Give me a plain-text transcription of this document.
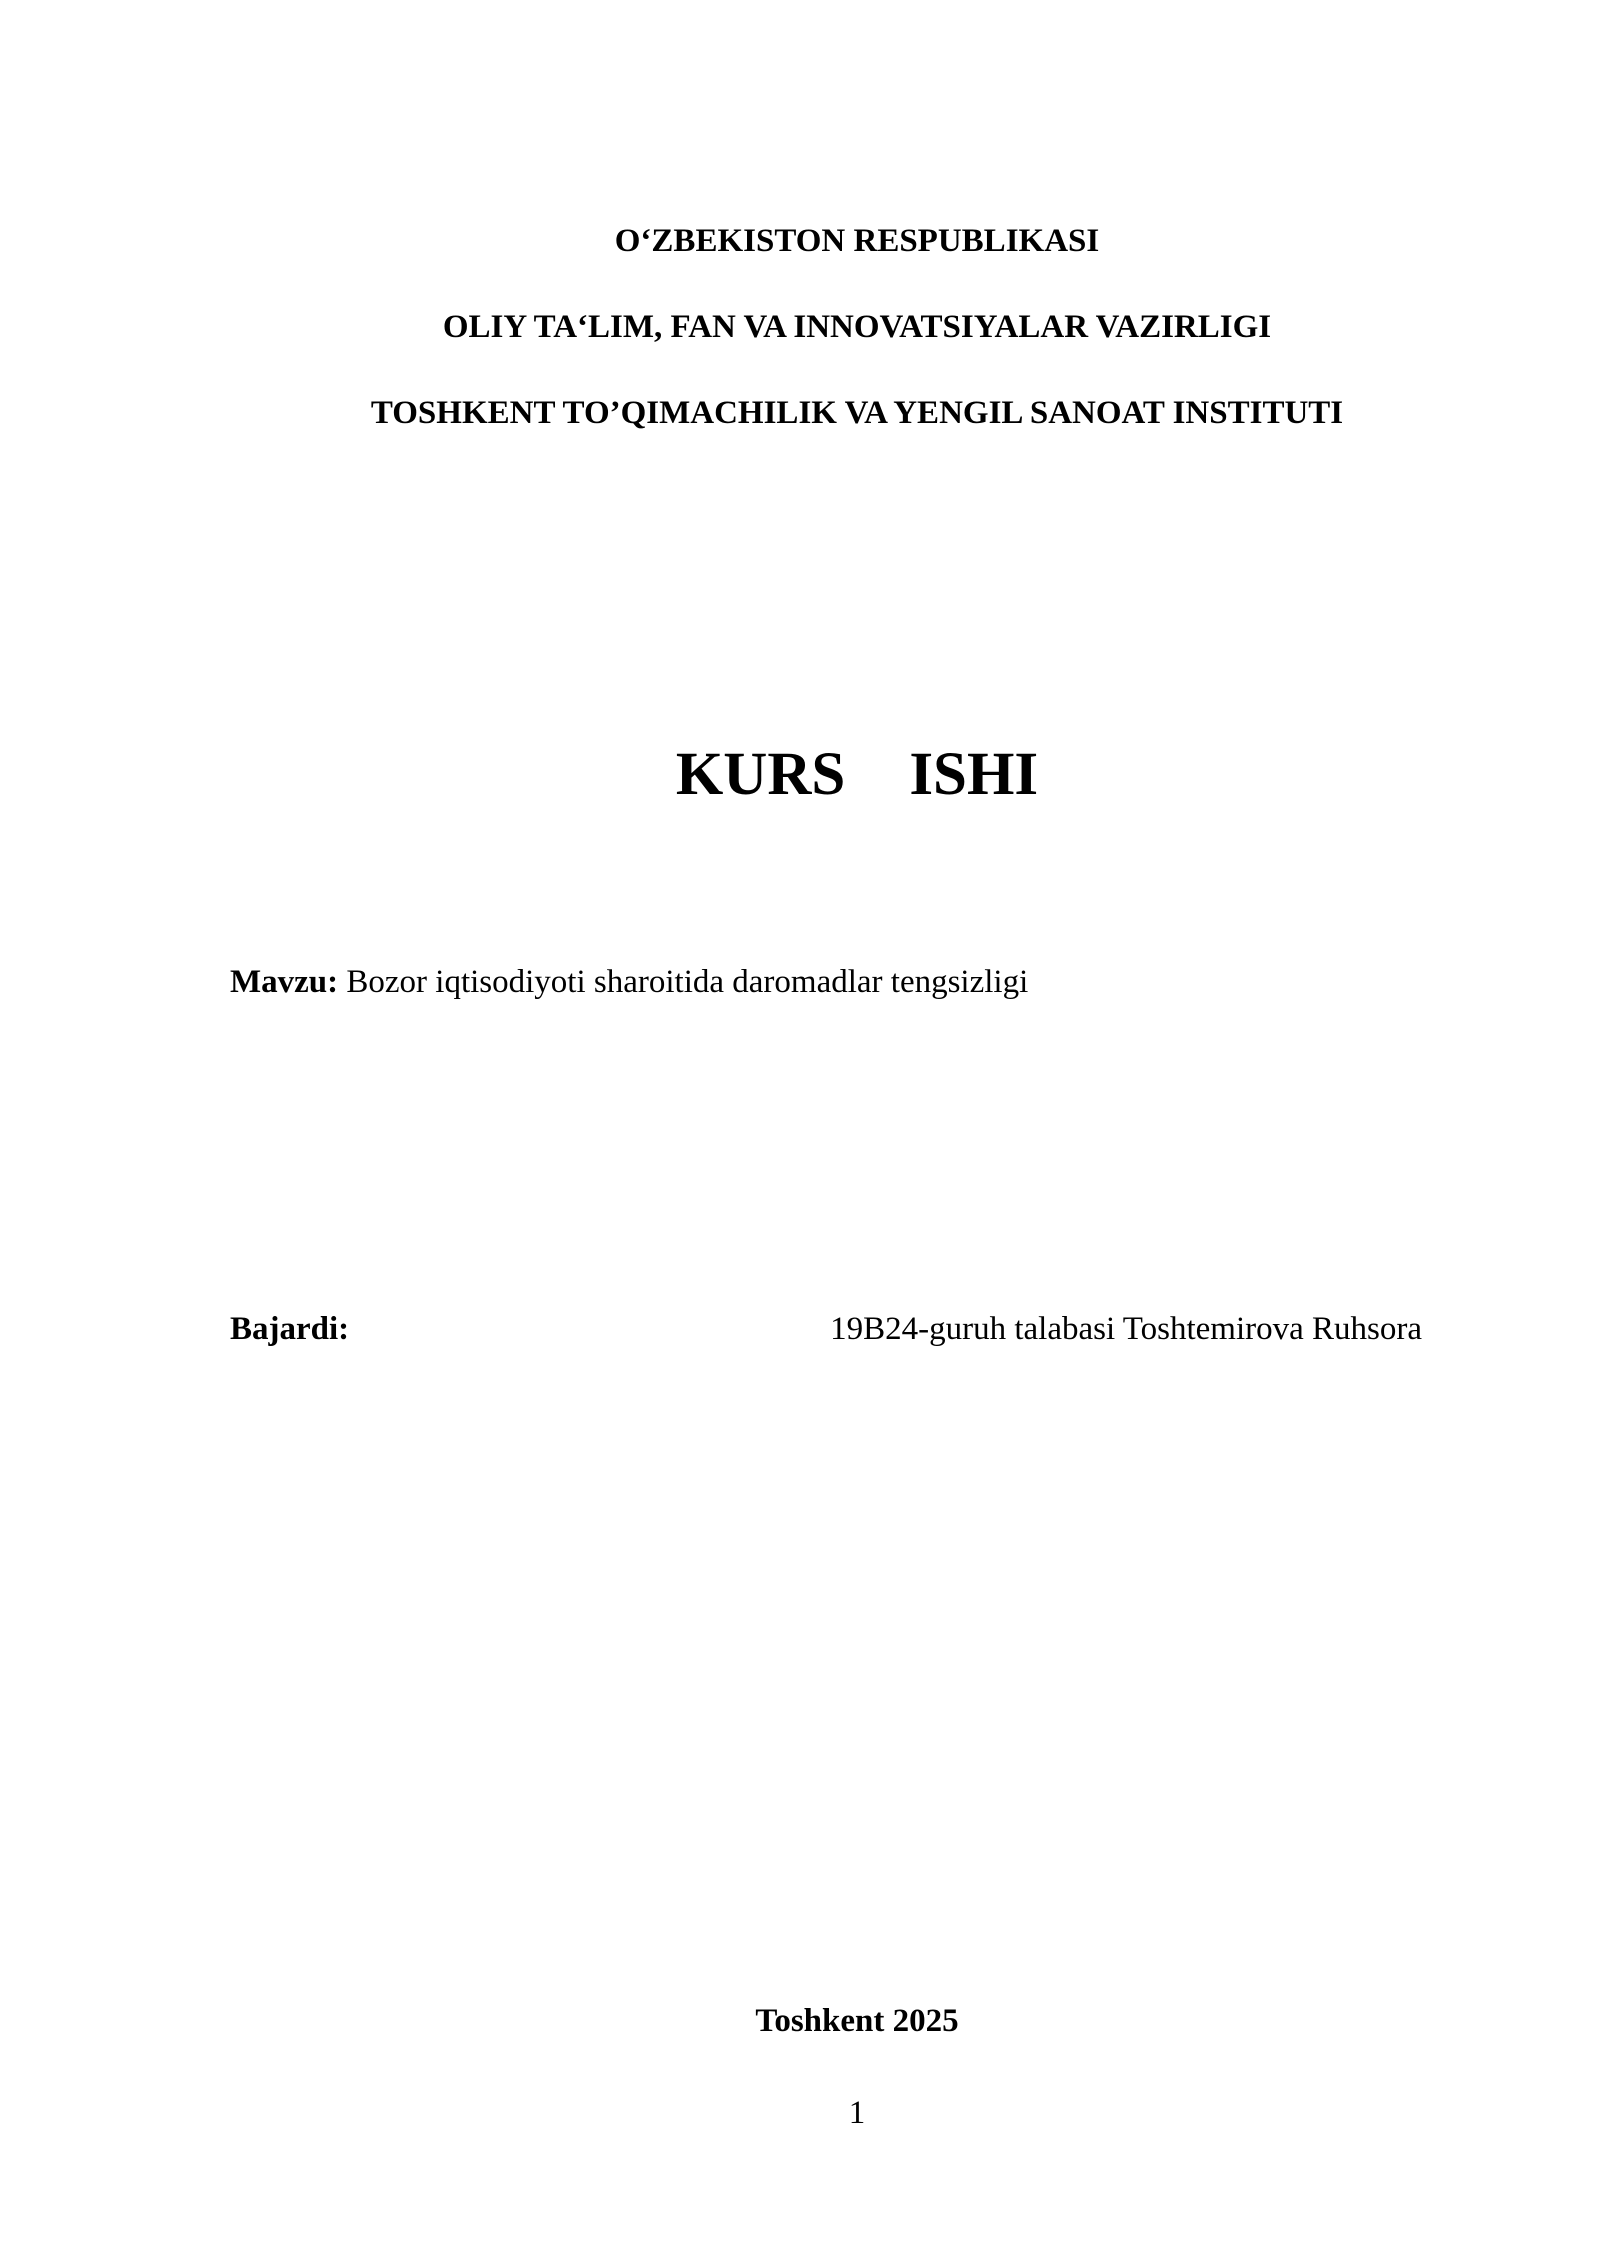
O‘ZBEKISTON RESPUBLIKASI
OLIY TA‘LIM, FAN VA INNOVATSIYALAR VAZIRLIGI
TOSHKENT TO’QIMACHILIK VA YENGIL SANOAT INSTITUTI
KURS ISHI
Mavzu: Bozor iqtisodiyoti sharoitida daromadlar tengsizligi
Bajardi:	19B24-guruh talabasi Toshtemirova Ruhsora
Toshkent 2025
1
